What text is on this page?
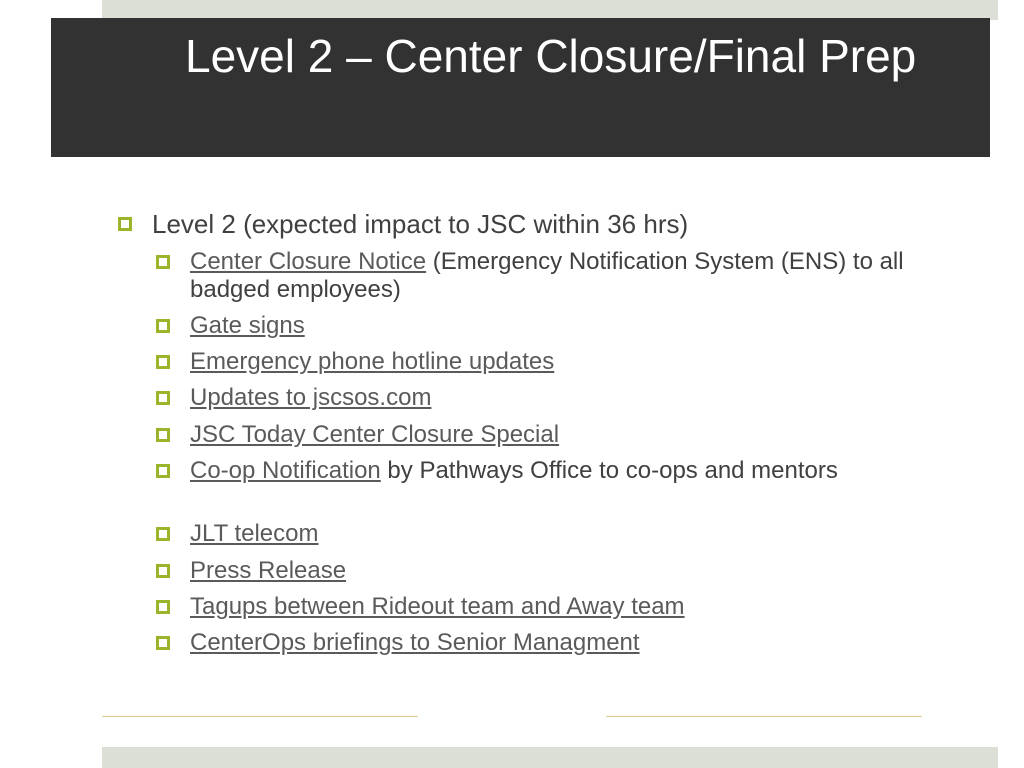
Level 2 – Center Closure/Final Prep
Level 2 (expected impact to JSC within 36 hrs)
Center Closure Notice (Emergency Notification System (ENS) to all badged employees)
Gate signs
Emergency phone hotline updates
Updates to jscsos.com
JSC Today Center Closure Special
Co-op Notification by Pathways Office to co-ops and mentors
JLT telecom
Press Release
Tagups between Rideout team and Away team
CenterOps briefings to Senior Managment
